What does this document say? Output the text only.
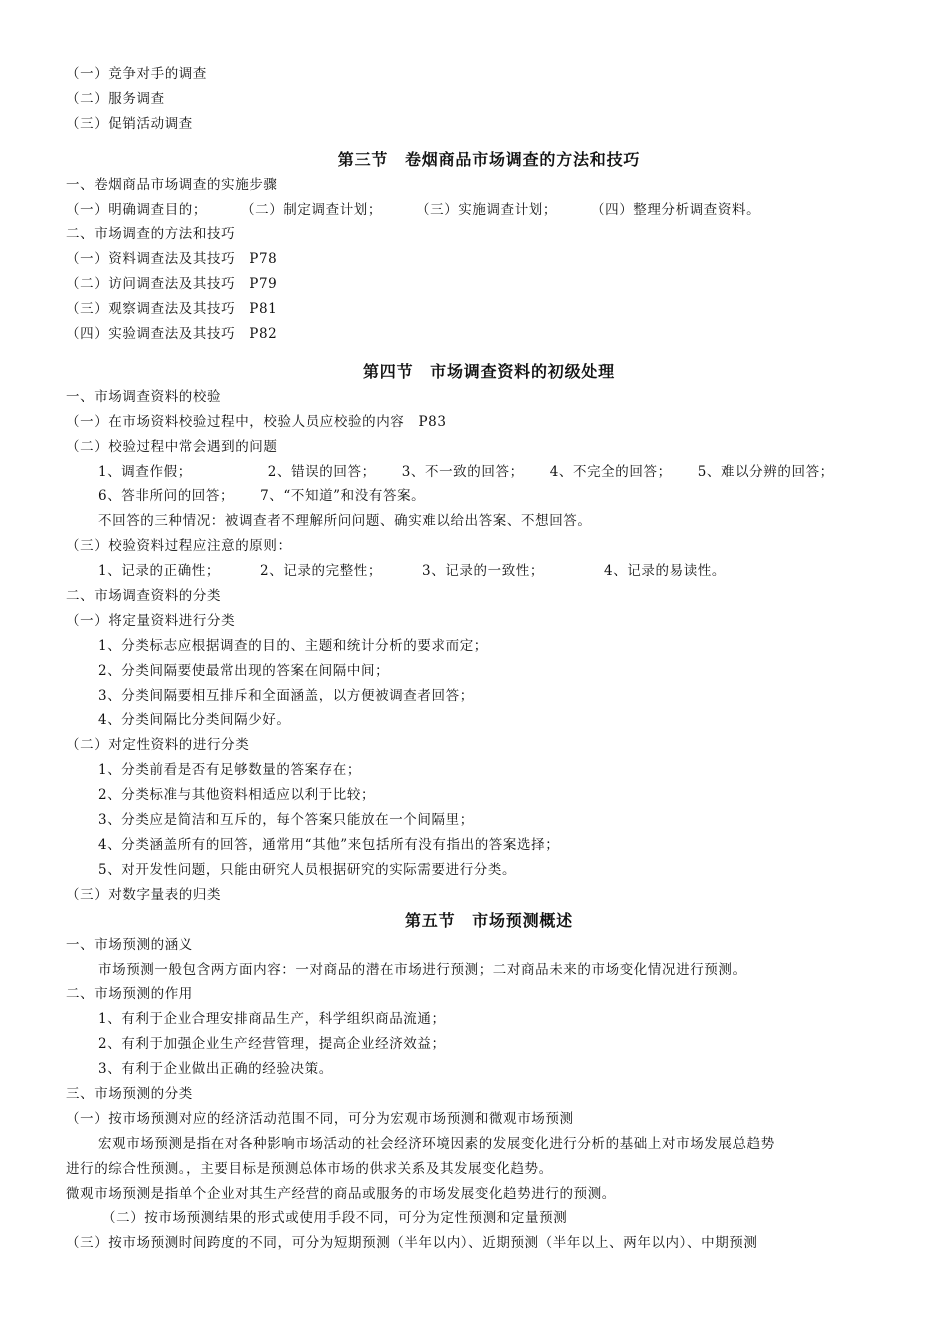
（一）竞争对手的调查
（二）服务调查
（三）促销活动调查
第三节　卷烟商品市场调查的方法和技巧
一、卷烟商品市场调查的实施步骤
（一）明确调查目的；	（二）制定调查计划；	（三）实施调查计划；	（四）整理分析调查资料。
二、市场调查的方法和技巧
（一）资料调查法及其技巧　P78
（二）访问调查法及其技巧　P79
（三）观察调查法及其技巧　P81
（四）实验调查法及其技巧　P82
第四节　市场调查资料的初级处理
一、市场调查资料的校验
（一）在市场资料校验过程中，校验人员应校验的内容　P83
（二）校验过程中常会遇到的问题
1、调查作假；	2、错误的回答； 3、不一致的回答； 4、不完全的回答； 5、难以分辨的回答；
6、答非所问的回答； 7、“不知道”和没有答案。
不回答的三种情况：被调查者不理解所问问题、确实难以给出答案、不想回答。
（三）校验资料过程应注意的原则：
1、记录的正确性；	2、记录的完整性；	3、记录的一致性；	4、记录的易读性。
二、市场调查资料的分类
（一）将定量资料进行分类
1、分类标志应根据调查的目的、主题和统计分析的要求而定；
2、分类间隔要使最常出现的答案在间隔中间；
3、分类间隔要相互排斥和全面涵盖，以方便被调查者回答；
4、分类间隔比分类间隔少好。
（二）对定性资料的进行分类
1、分类前看是否有足够数量的答案存在；
2、分类标准与其他资料相适应以利于比较；
3、分类应是简洁和互斥的，每个答案只能放在一个间隔里；
4、分类涵盖所有的回答，通常用“其他”来包括所有没有指出的答案选择；
5、对开发性问题，只能由研究人员根据研究的实际需要进行分类。
（三）对数字量表的归类
第五节　市场预测概述
一、市场预测的涵义
市场预测一般包含两方面内容：一对商品的潜在市场进行预测；二对商品未来的市场变化情况进行预测。
二、市场预测的作用
1、有利于企业合理安排商品生产，科学组织商品流通；
2、有利于加强企业生产经营管理，提高企业经济效益；
3、有利于企业做出正确的经验决策。
三、市场预测的分类
（一）按市场预测对应的经济活动范围不同，可分为宏观市场预测和微观市场预测
宏观市场预测是指在对各种影响市场活动的社会经济环境因素的发展变化进行分析的基础上对市场发展总趋势
进行的综合性预测。，主要目标是预测总体市场的供求关系及其发展变化趋势。
微观市场预测是指单个企业对其生产经营的商品或服务的市场发展变化趋势进行的预测。
（二）按市场预测结果的形式或使用手段不同，可分为定性预测和定量预测
（三）按市场预测时间跨度的不同，可分为短期预测（半年以内）、近期预测（半年以上、两年以内）、中期预测
